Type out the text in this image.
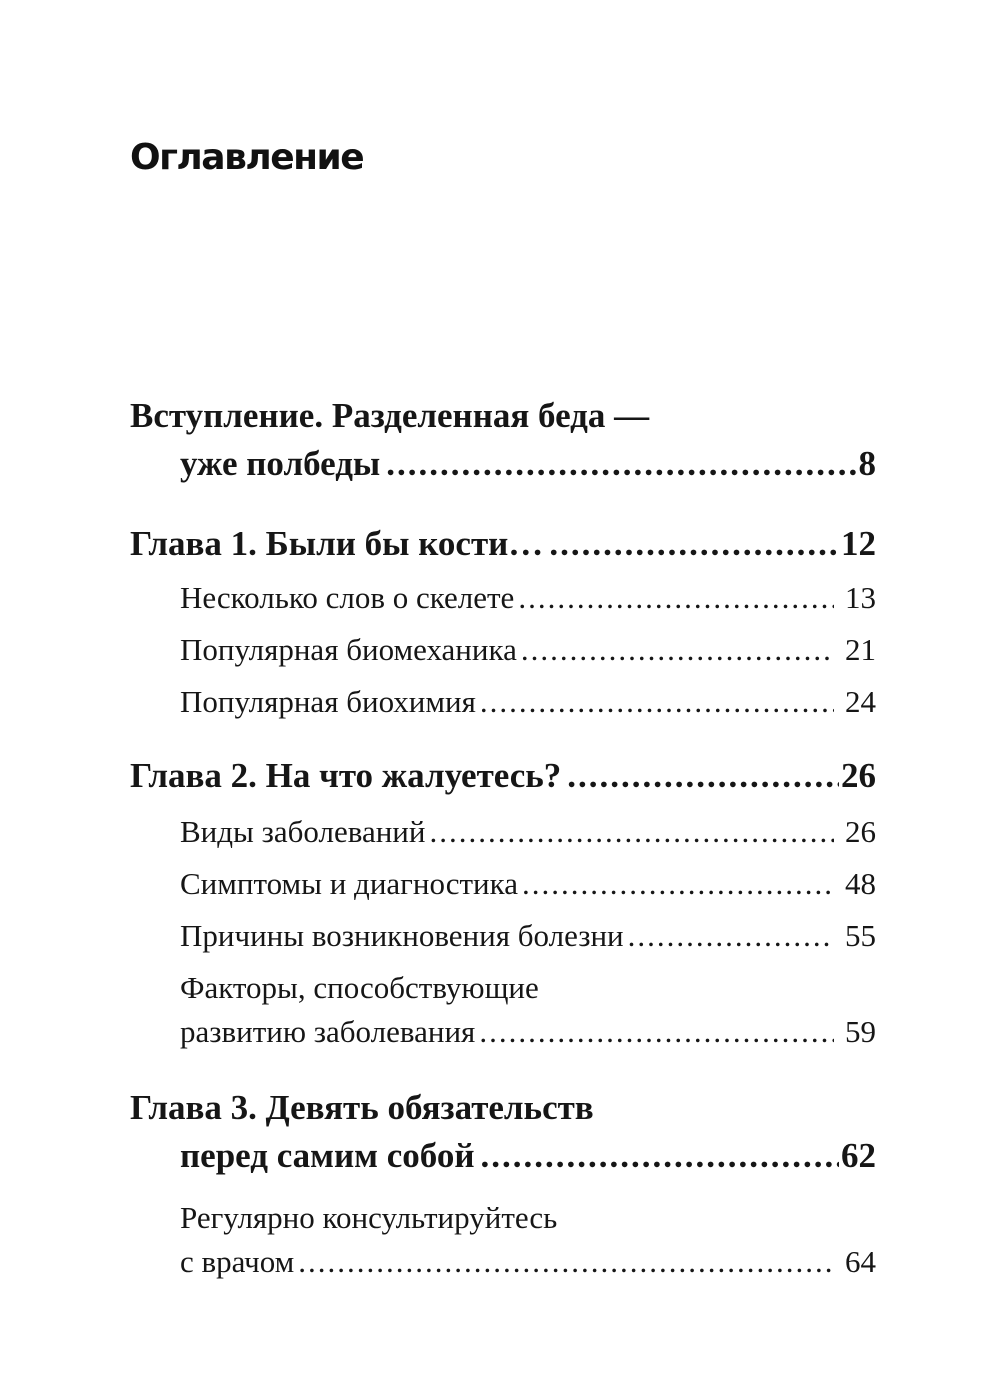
Оглавление
Вступление. Разделенная беда —
уже полбеды .....	8
Глава 1. Были бы кости… .....	12
Несколько слов о скелете .....	13
Популярная биомеханика .....	21
Популярная биохимия .....	24
Глава 2. На что жалуетесь? .....	26
Виды заболеваний .....	26
Симптомы и диагностика .....	48
Причины возникновения болезни .....	55
Факторы, способствующие
развитию заболевания .....	59
Глава 3. Девять обязательств
перед самим собой .....	62
Регулярно консультируйтесь
с врачом .....	64
